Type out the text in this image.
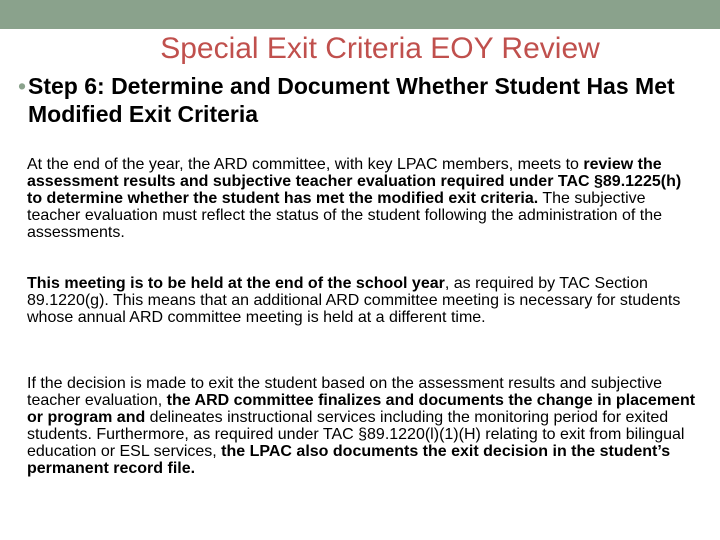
Special Exit Criteria EOY Review
• Step 6: Determine and Document Whether Student Has Met Modified Exit Criteria

At the end of the year, the ARD committee, with key LPAC members, meets to review the assessment results and subjective teacher evaluation required under TAC §89.1225(h) to determine whether the student has met the modified exit criteria. The subjective teacher evaluation must reflect the status of the student following the administration of the assessments.

This meeting is to be held at the end of the school year, as required by TAC Section 89.1220(g). This means that an additional ARD committee meeting is necessary for students whose annual ARD committee meeting is held at a different time.

If the decision is made to exit the student based on the assessment results and subjective teacher evaluation, the ARD committee finalizes and documents the change in placement or program and delineates instructional services including the monitoring period for exited students. Furthermore, as required under TAC §89.1220(l)(1)(H) relating to exit from bilingual education or ESL services, the LPAC also documents the exit decision in the student’s permanent record file.
